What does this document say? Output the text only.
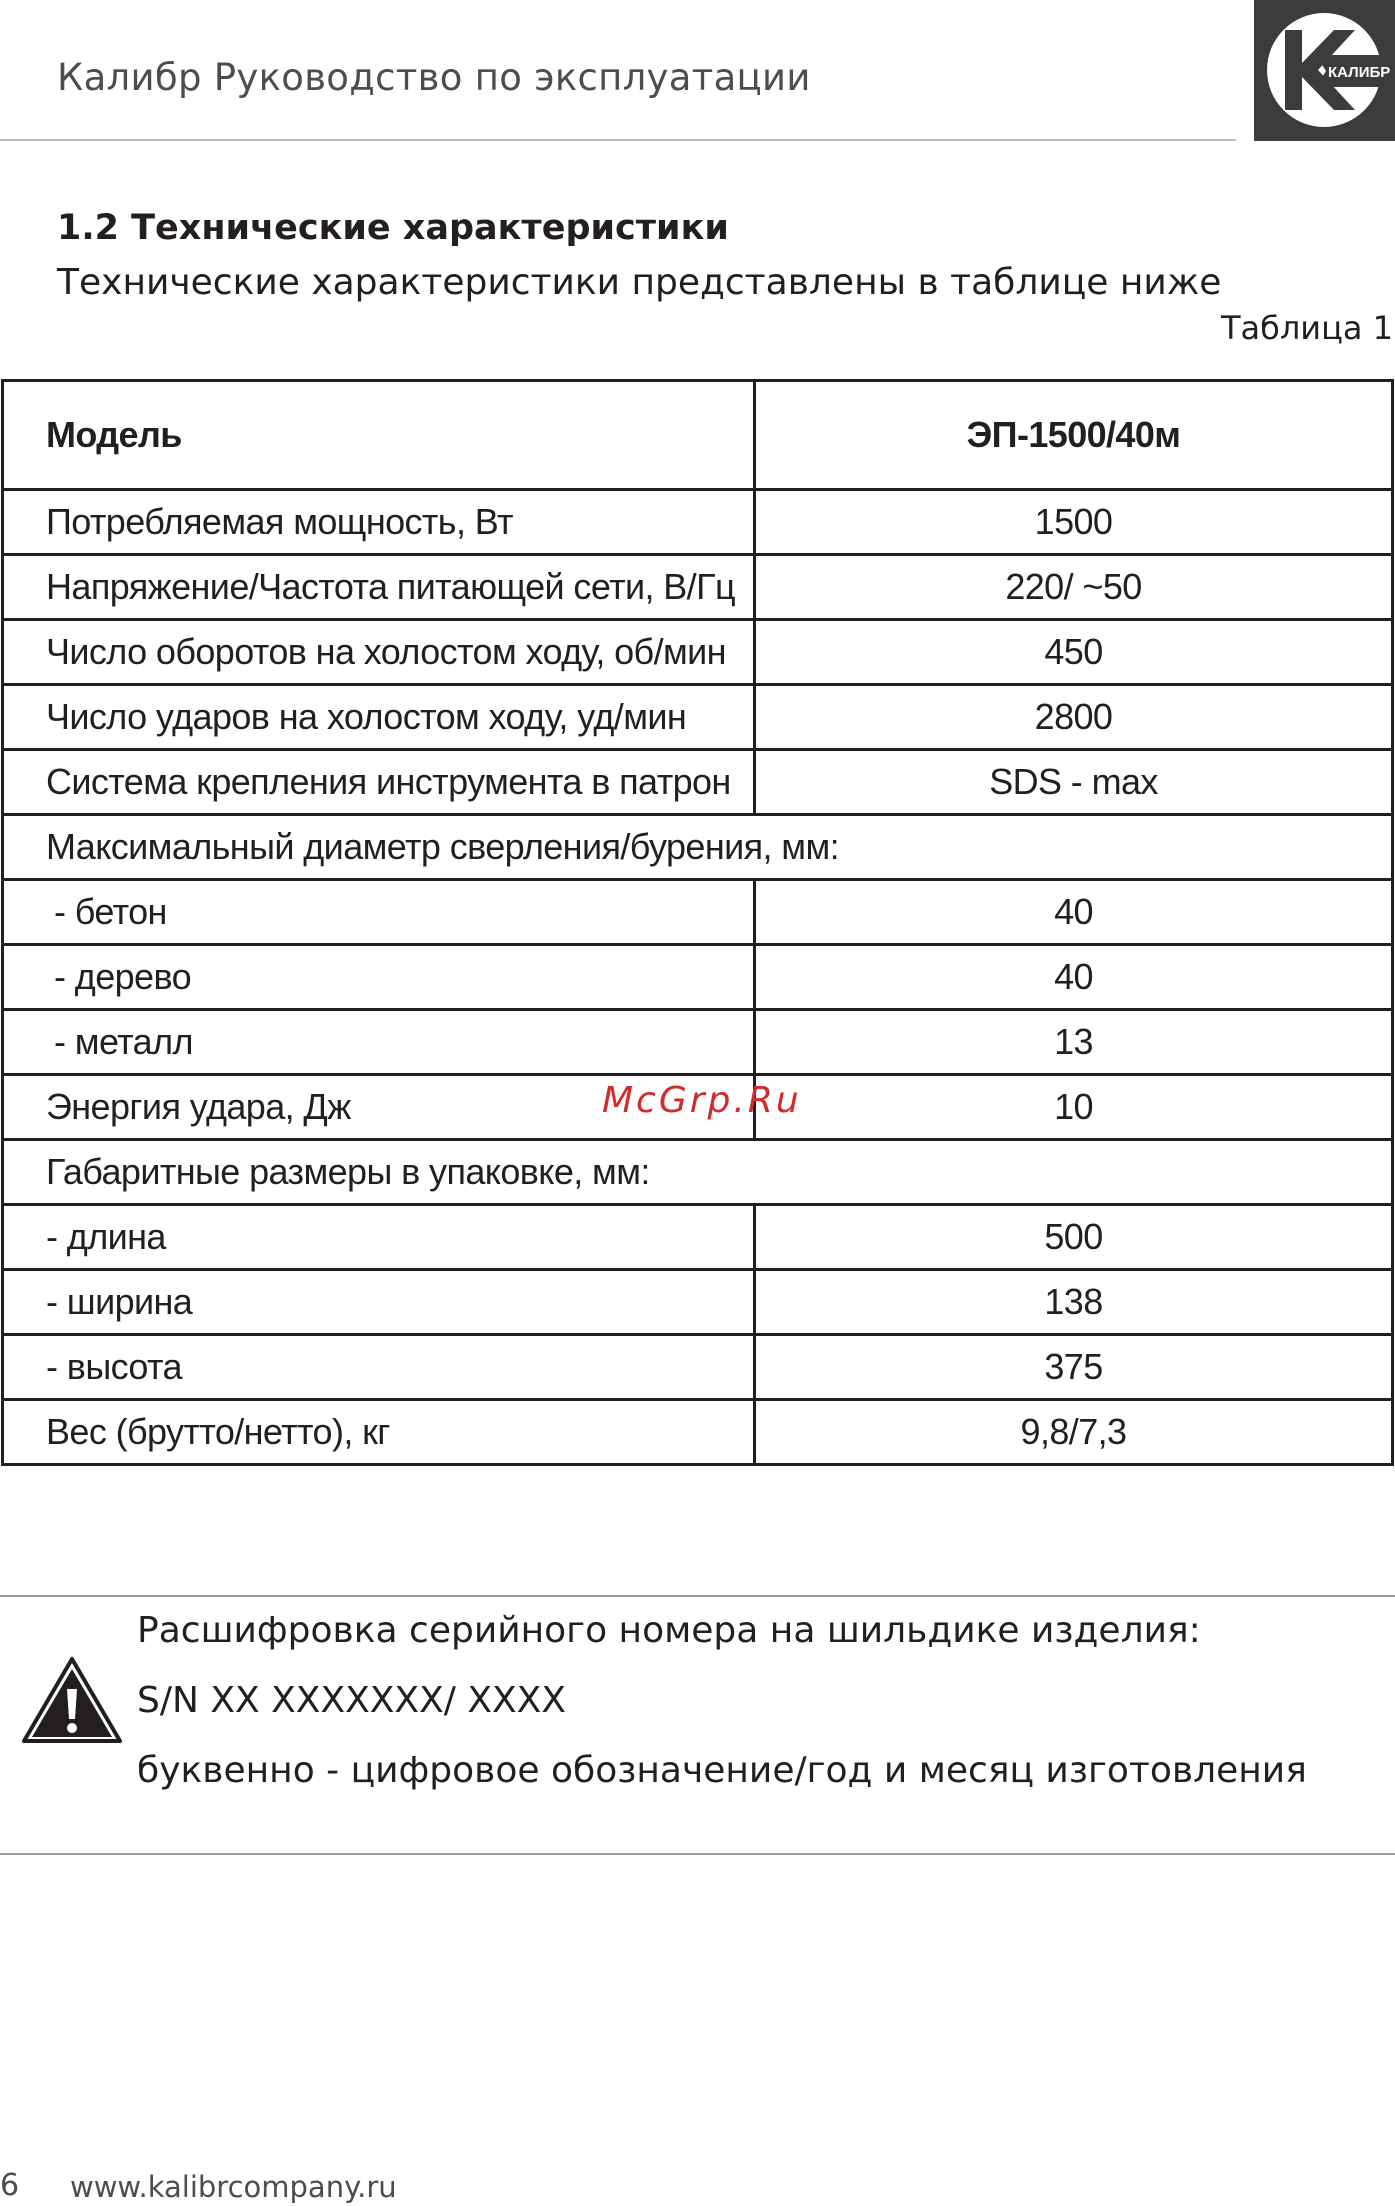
Калибр Руководство по эксплуатации	КАЛИБР
1.2 Технические характеристики
Технические характеристики представлены в таблице ниже
Таблица 1
Модель	ЭП-1500/40м
Потребляемая мощность, Вт	1500
Напряжение/Частота питающей сети, В/Гц	220/ ~50
Число оборотов на холостом ходу, об/мин	450
Число ударов на холостом ходу, уд/мин	2800
Система крепления инструмента в патрон	SDS - max
Максимальный диаметр сверления/бурения, мм:	
- бетон	40
- дерево	40
- металл	13
Энергия удара, Дж	10
Габаритные размеры в упаковке, мм:	
- длина	500
- ширина	138
- высота	375
Вес (брутто/нетто), кг	9,8/7,3
McGrp.Ru
Расшифровка серийного номера на шильдике изделия:
S/N XX XXXXXXX/ XXXX
буквенно - цифровое обозначение/год и месяц изготовления
6 www.kalibrcompany.ru
